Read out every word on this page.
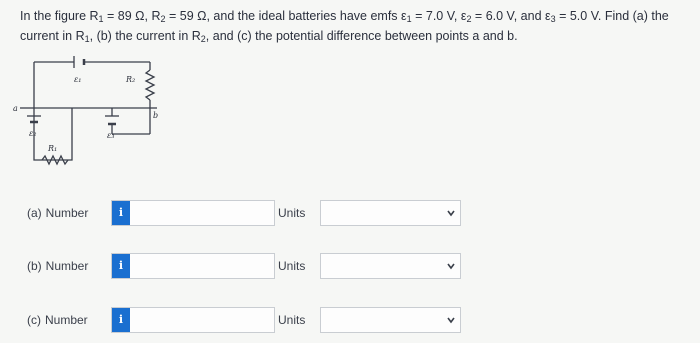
In the figure $R_1 = 89$ Ω, $R_2 = 59$ Ω, and the ideal batteries have emfs $\varepsilon_1 = 7.0$ V, $\varepsilon_2 = 6.0$ V, and $\varepsilon_3 = 5.0$ V. Find (a) the current in $R_1$, (b) the current in $R_2$, and (c) the potential difference between points a and b.
a
b
ε₁
ε₂	ε₃
R₁
R₂
(a) Number	i	Units
(b) Number	i	Units
(c) Number	i	Units
